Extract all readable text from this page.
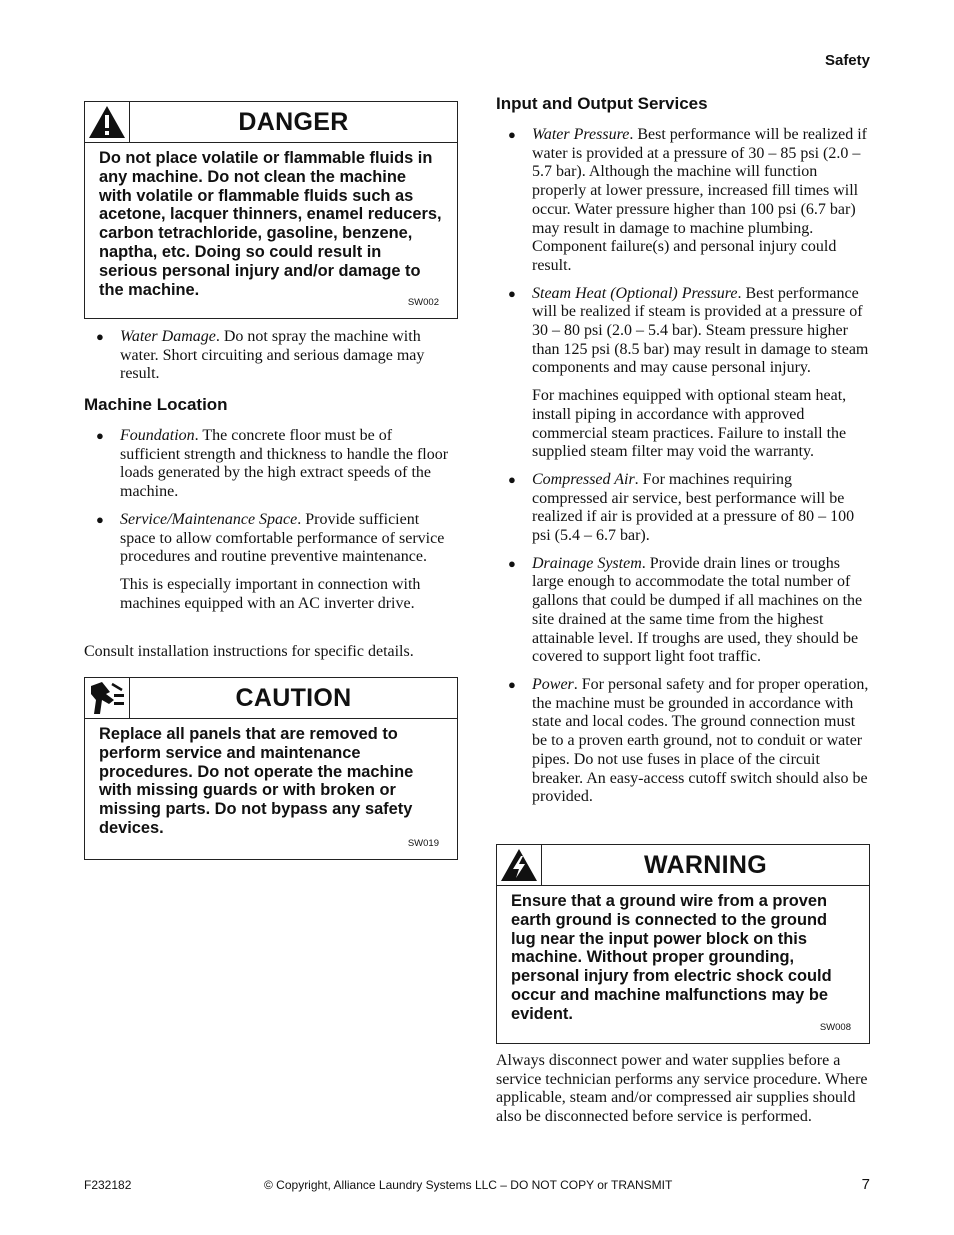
Safety
DANGER
Do not place volatile or flammable fluids in any machine. Do not clean the machine with volatile or flammable fluids such as acetone, lacquer thinners, enamel reducers, carbon tetrachloride, gasoline, benzene, naptha, etc. Doing so could result in serious personal injury and/or damage to the machine.
SW002
● Water Damage. Do not spray the machine with water. Short circuiting and serious damage may result.
Machine Location
● Foundation. The concrete floor must be of sufficient strength and thickness to handle the floor loads generated by the high extract speeds of the machine.
● Service/Maintenance Space. Provide sufficient space to allow comfortable performance of service procedures and routine preventive maintenance.

This is especially important in connection with machines equipped with an AC inverter drive.

Consult installation instructions for specific details.
CAUTION
Replace all panels that are removed to perform service and maintenance procedures. Do not operate the machine with missing guards or with broken or missing parts. Do not bypass any safety devices.
SW019
Input and Output Services
● Water Pressure. Best performance will be realized if water is provided at a pressure of 30 – 85 psi (2.0 – 5.7 bar). Although the machine will function properly at lower pressure, increased fill times will occur. Water pressure higher than 100 psi (6.7 bar) may result in damage to machine plumbing. Component failure(s) and personal injury could result.
● Steam Heat (Optional) Pressure. Best performance will be realized if steam is provided at a pressure of 30 – 80 psi (2.0 – 5.4 bar). Steam pressure higher than 125 psi (8.5 bar) may result in damage to steam components and may cause personal injury.

For machines equipped with optional steam heat, install piping in accordance with approved commercial steam practices. Failure to install the supplied steam filter may void the warranty.

● Compressed Air. For machines requiring compressed air service, best performance will be realized if air is provided at a pressure of 80 – 100 psi (5.4 – 6.7 bar).
● Drainage System. Provide drain lines or troughs large enough to accommodate the total number of gallons that could be dumped if all machines on the site drained at the same time from the highest attainable level. If troughs are used, they should be covered to support light foot traffic.
● Power. For personal safety and for proper operation, the machine must be grounded in accordance with state and local codes. The ground connection must be to a proven earth ground, not to conduit or water pipes. Do not use fuses in place of the circuit breaker. An easy-access cutoff switch should also be provided.
WARNING
Ensure that a ground wire from a proven earth ground is connected to the ground lug near the input power block on this machine. Without proper grounding, personal injury from electric shock could occur and machine malfunctions may be evident.
SW008
Always disconnect power and water supplies before a service technician performs any service procedure. Where applicable, steam and/or compressed air supplies should also be disconnected before service is performed.
F232182	© Copyright, Alliance Laundry Systems LLC – DO NOT COPY or TRANSMIT	7
